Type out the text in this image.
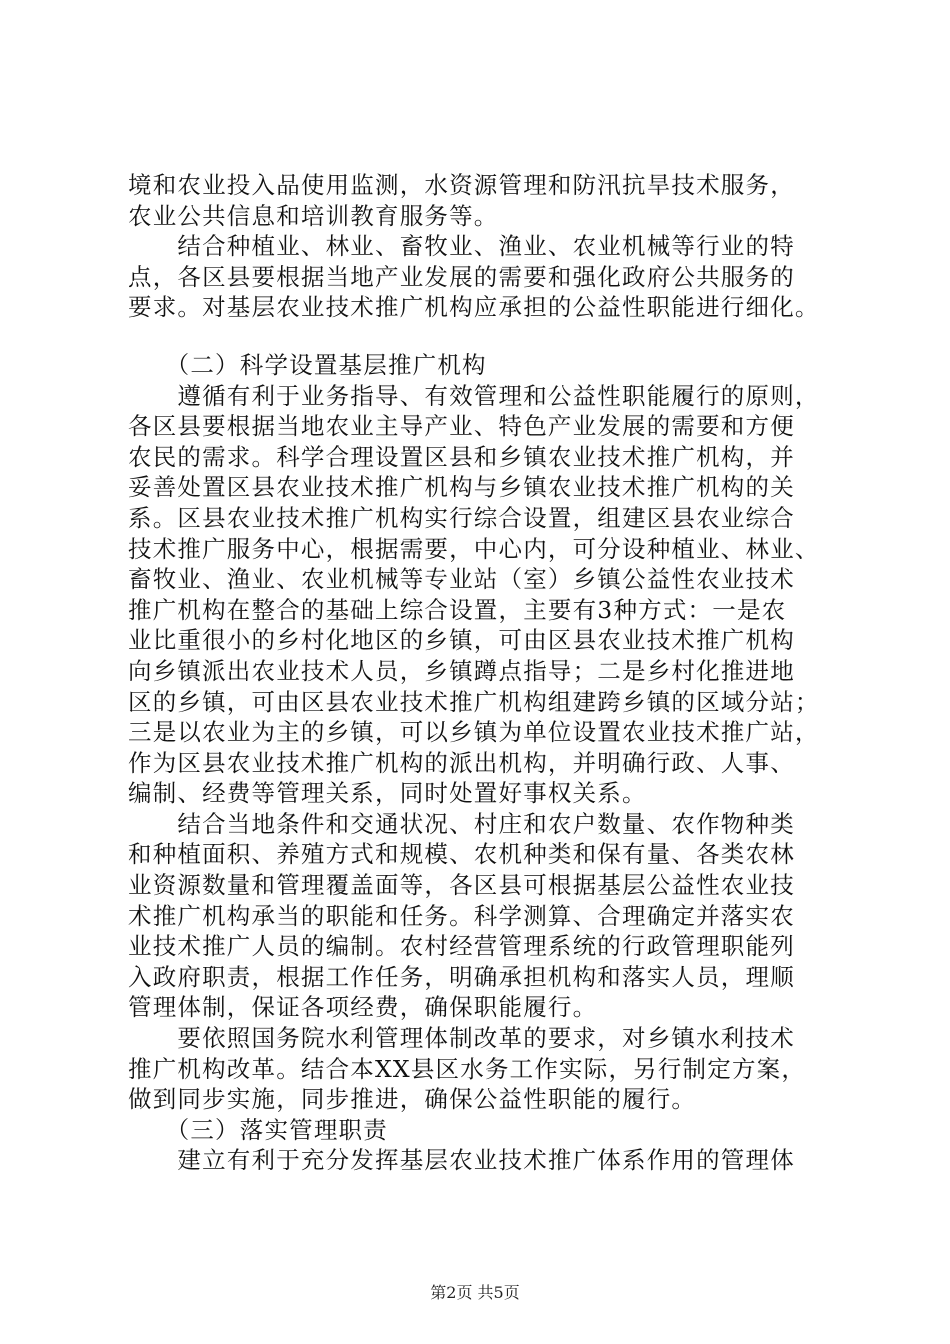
境和农业投入品使用监测，水资源管理和防汛抗旱技术服务，
农业公共信息和培训教育服务等。
　　结合种植业、林业、畜牧业、渔业、农业机械等行业的特
点，各区县要根据当地产业发展的需要和强化政府公共服务的
要求。对基层农业技术推广机构应承担的公益性职能进行细化。
　　（二）科学设置基层推广机构
　　遵循有利于业务指导、有效管理和公益性职能履行的原则，
各区县要根据当地农业主导产业、特色产业发展的需要和方便
农民的需求。科学合理设置区县和乡镇农业技术推广机构，并
妥善处置区县农业技术推广机构与乡镇农业技术推广机构的关
系。区县农业技术推广机构实行综合设置，组建区县农业综合
技术推广服务中心，根据需要，中心内，可分设种植业、林业、
畜牧业、渔业、农业机械等专业站（室）乡镇公益性农业技术
推广机构在整合的基础上综合设置，主要有3种方式：一是农
业比重很小的乡村化地区的乡镇，可由区县农业技术推广机构
向乡镇派出农业技术人员，乡镇蹲点指导；二是乡村化推进地
区的乡镇，可由区县农业技术推广机构组建跨乡镇的区域分站；
三是以农业为主的乡镇，可以乡镇为单位设置农业技术推广站，
作为区县农业技术推广机构的派出机构，并明确行政、人事、
编制、经费等管理关系，同时处置好事权关系。
　　结合当地条件和交通状况、村庄和农户数量、农作物种类
和种植面积、养殖方式和规模、农机种类和保有量、各类农林
业资源数量和管理覆盖面等，各区县可根据基层公益性农业技
术推广机构承当的职能和任务。科学测算、合理确定并落实农
业技术推广人员的编制。农村经营管理系统的行政管理职能列
入政府职责，根据工作任务，明确承担机构和落实人员，理顺
管理体制，保证各项经费，确保职能履行。
　　要依照国务院水利管理体制改革的要求，对乡镇水利技术
推广机构改革。结合本XX县区水务工作实际，另行制定方案，
做到同步实施，同步推进，确保公益性职能的履行。
　　（三）落实管理职责
　　建立有利于充分发挥基层农业技术推广体系作用的管理体
第2页 共5页
